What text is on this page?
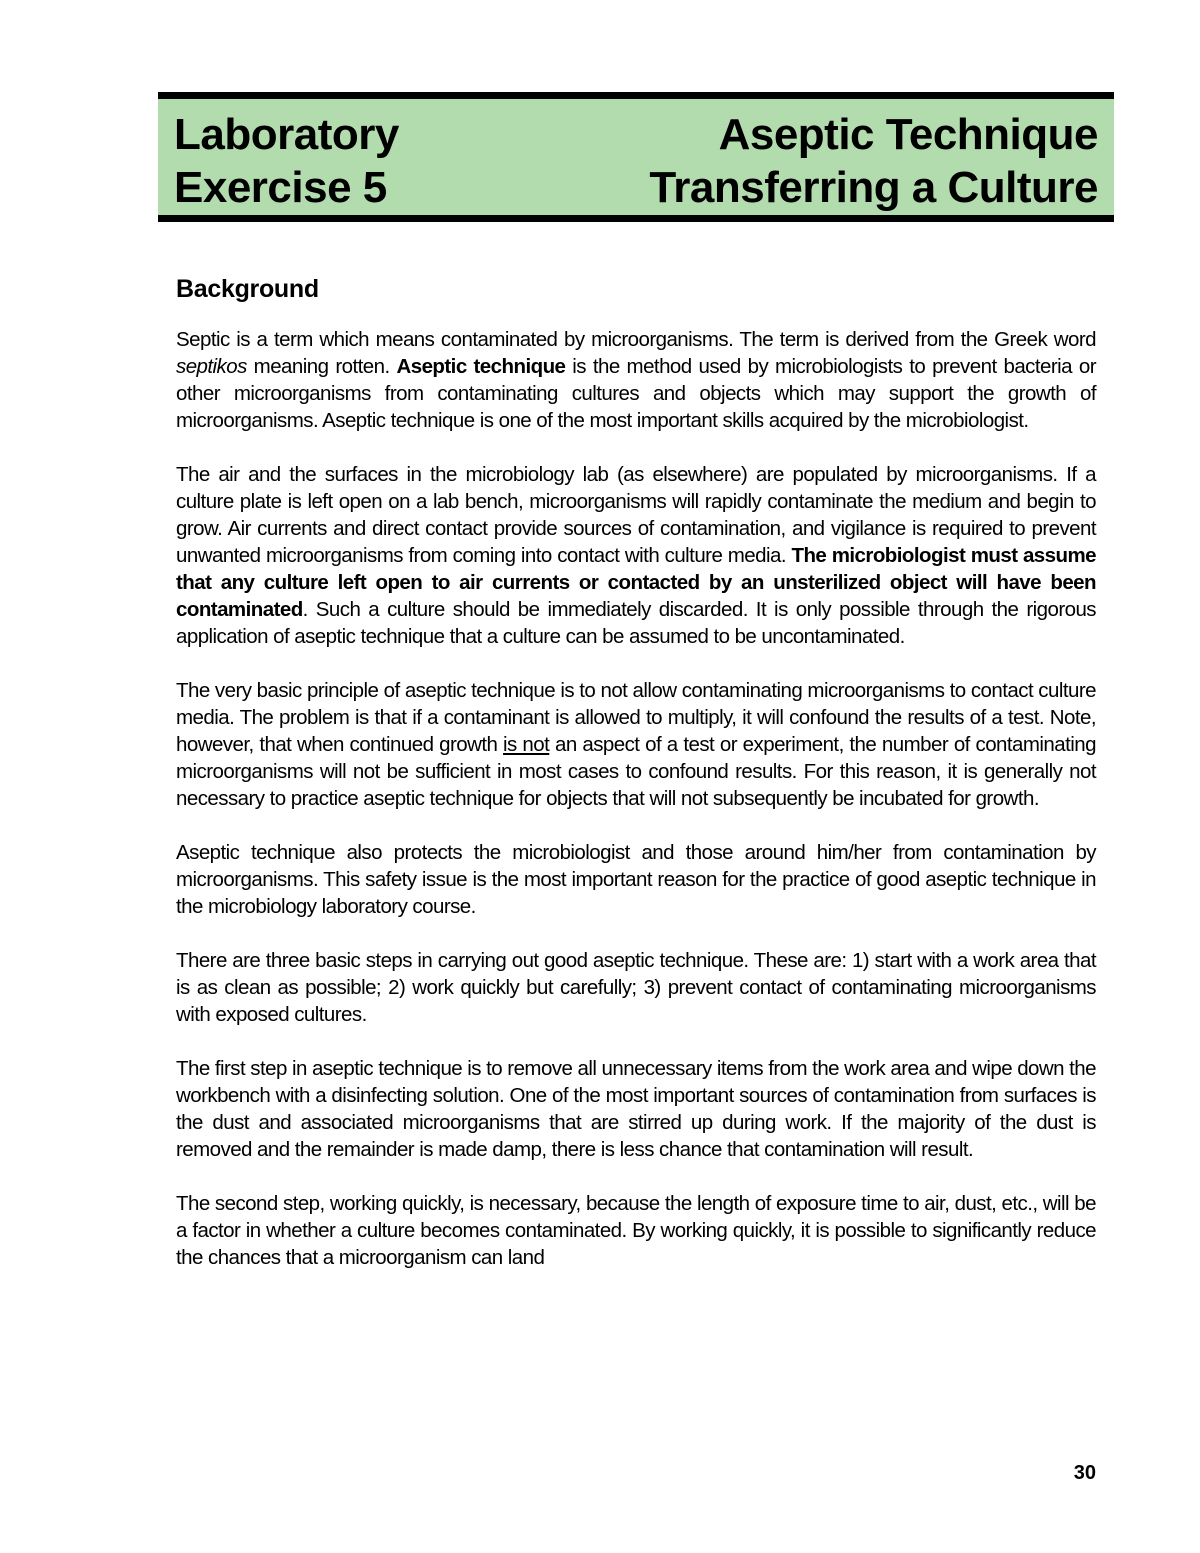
Laboratory	Aseptic Technique
Exercise 5	Transferring a Culture
Background

Septic is a term which means contaminated by microorganisms. The term is derived from the Greek word septikos meaning rotten. Aseptic technique is the method used by microbiologists to prevent bacteria or other microorganisms from contaminating cultures and objects which may support the growth of microorganisms. Aseptic technique is one of the most important skills acquired by the microbiologist.

The air and the surfaces in the microbiology lab (as elsewhere) are populated by microorganisms. If a culture plate is left open on a lab bench, microorganisms will rapidly contaminate the medium and begin to grow. Air currents and direct contact provide sources of contamination, and vigilance is required to prevent unwanted microorganisms from coming into contact with culture media. The microbiologist must assume that any culture left open to air currents or contacted by an unsterilized object will have been contaminated. Such a culture should be immediately discarded. It is only possible through the rigorous application of aseptic technique that a culture can be assumed to be uncontaminated.

The very basic principle of aseptic technique is to not allow contaminating microorganisms to contact culture media. The problem is that if a contaminant is allowed to multiply, it will confound the results of a test. Note, however, that when continued growth is not an aspect of a test or experiment, the number of contaminating microorganisms will not be sufficient in most cases to confound results. For this reason, it is generally not necessary to practice aseptic technique for objects that will not subsequently be incubated for growth.

Aseptic technique also protects the microbiologist and those around him/her from contamination by microorganisms. This safety issue is the most important reason for the practice of good aseptic technique in the microbiology laboratory course.

There are three basic steps in carrying out good aseptic technique. These are: 1) start with a work area that is as clean as possible; 2) work quickly but carefully; 3) prevent contact of contaminating microorganisms with exposed cultures.

The first step in aseptic technique is to remove all unnecessary items from the work area and wipe down the workbench with a disinfecting solution. One of the most important sources of contamination from surfaces is the dust and associated microorganisms that are stirred up during work. If the majority of the dust is removed and the remainder is made damp, there is less chance that contamination will result.

The second step, working quickly, is necessary, because the length of exposure time to air, dust, etc., will be a factor in whether a culture becomes contaminated. By working quickly, it is possible to significantly reduce the chances that a microorganism can land

30
